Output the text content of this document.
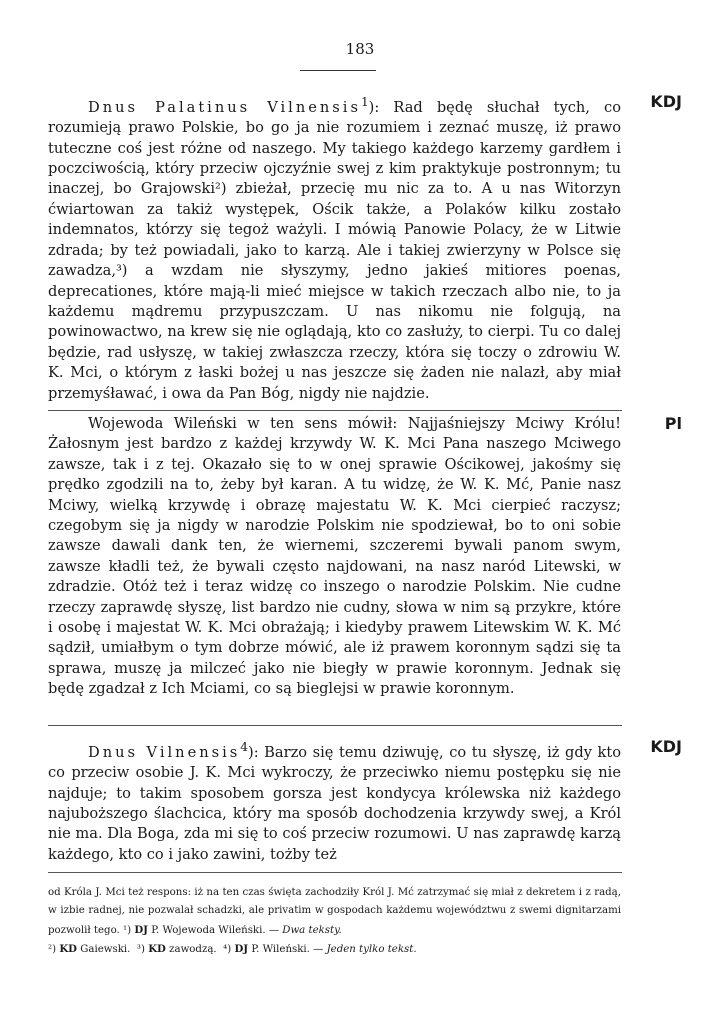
183

Dnus Palatinus Vilnensis$^1$): Rad będę słuchał tych, co rozumieją prawo Polskie, bo go ja nie rozumiem i zeznać muszę, iż prawo tuteczne coś jest różne od naszego. My takiego każdego karzemy gardłem i poczciwością, który przeciw ojczyźnie swej z kim praktykuje postronnym; tu inaczej, bo Grajowski²) zbieżał, przecię mu nic za to. A u nas Witorzyn ćwiartowan za takiż występek, Ościk także, a Polaków kilku zostało indemnatos, którzy się tegoż ważyli. I mówią Panowie Polacy, że w Litwie zdrada; by też powiadali, jako to karzą. Ale i takiej zwierzyny w Polsce się zawadza,³) a wzdam nie słyszymy, jedno jakieś mitiores poenas, deprecationes, które mają-li mieć miejsce w takich rzeczach albo nie, to ja każdemu mądremu przypuszczam. U nas nikomu nie folgują, na powinowactwo, na krew się nie oglądają, kto co zasłuży, to cierpi. Tu co dalej będzie, rad usłyszę, w takiej zwłaszcza rzeczy, która się toczy o zdrowiu W. K. Mci, o którym z łaski bożej u nas jeszcze się żaden nie nalazł, aby miał przemyśławać, i owa da Pan Bóg, nigdy nie najdzie.

KDJ

Wojewoda Wileński w ten sens mówił: Najjaśniejszy Mciwy Królu! Żałosnym jest bardzo z każdej krzywdy W. K. Mci Pana naszego Mciwego zawsze, tak i z tej. Okazało się to w onej sprawie Ościkowej, jakośmy się prędko zgodzili na to, żeby był karan. A tu widzę, że W. K. Mć, Panie nasz Mciwy, wielką krzywdę i obrazę majestatu W. K. Mci cierpieć raczysz; czegobym się ja nigdy w narodzie Polskim nie spodziewał, bo to oni sobie zawsze dawali dank ten, że wiernemi, szczeremi bywali panom swym, zawsze kładli też, że bywali często najdowani, na nasz naród Litewski, w zdradzie. Otóż też i teraz widzę co inszego o narodzie Polskim. Nie cudne rzeczy zaprawdę słyszę, list bardzo nie cudny, słowa w nim są przykre, które i osobę i majestat W. K. Mci obrażają; i kiedyby prawem Litewskim W. K. Mć sądził, umiałbym o tym dobrze mówić, ale iż prawem koronnym sądzi się ta sprawa, muszę ja milczeć jako nie biegły w prawie koronnym. Jednak się będę zgadzał z Ich Mciami, co są bieglejsi w prawie koronnym.

Pl

Dnus Vilnensis$^4$): Barzo się temu dziwuję, co tu słyszę, iż gdy kto co przeciw osobie J. K. Mci wykroczy, że przeciwko niemu postępku się nie najduje; to takim sposobem gorsza jest kondycya królewska niż każdego najuboższego ślachcica, który ma sposób dochodzenia krzywdy swej, a Król nie ma. Dla Boga, zda mi się to coś przeciw rozumowi. U nas zaprawdę karzą każdego, kto co i jako zawini, tożby też

KDJ

od Króla J. Mci też respons: iż na ten czas święta zachodziły Król J. Mć zatrzymać się miał z dekretem i z radą, w izbie radnej, nie pozwalał schadzki, ale privatim w gospodach każdemu województwu z swemi dignitarzami pozwolił tego. ¹) DJ P. Wojewoda Wileński. — Dwa teksty.
²) KD Gaiewski. ³) KD zawodzą. ⁴) DJ P. Wileński. — Jeden tylko tekst.
